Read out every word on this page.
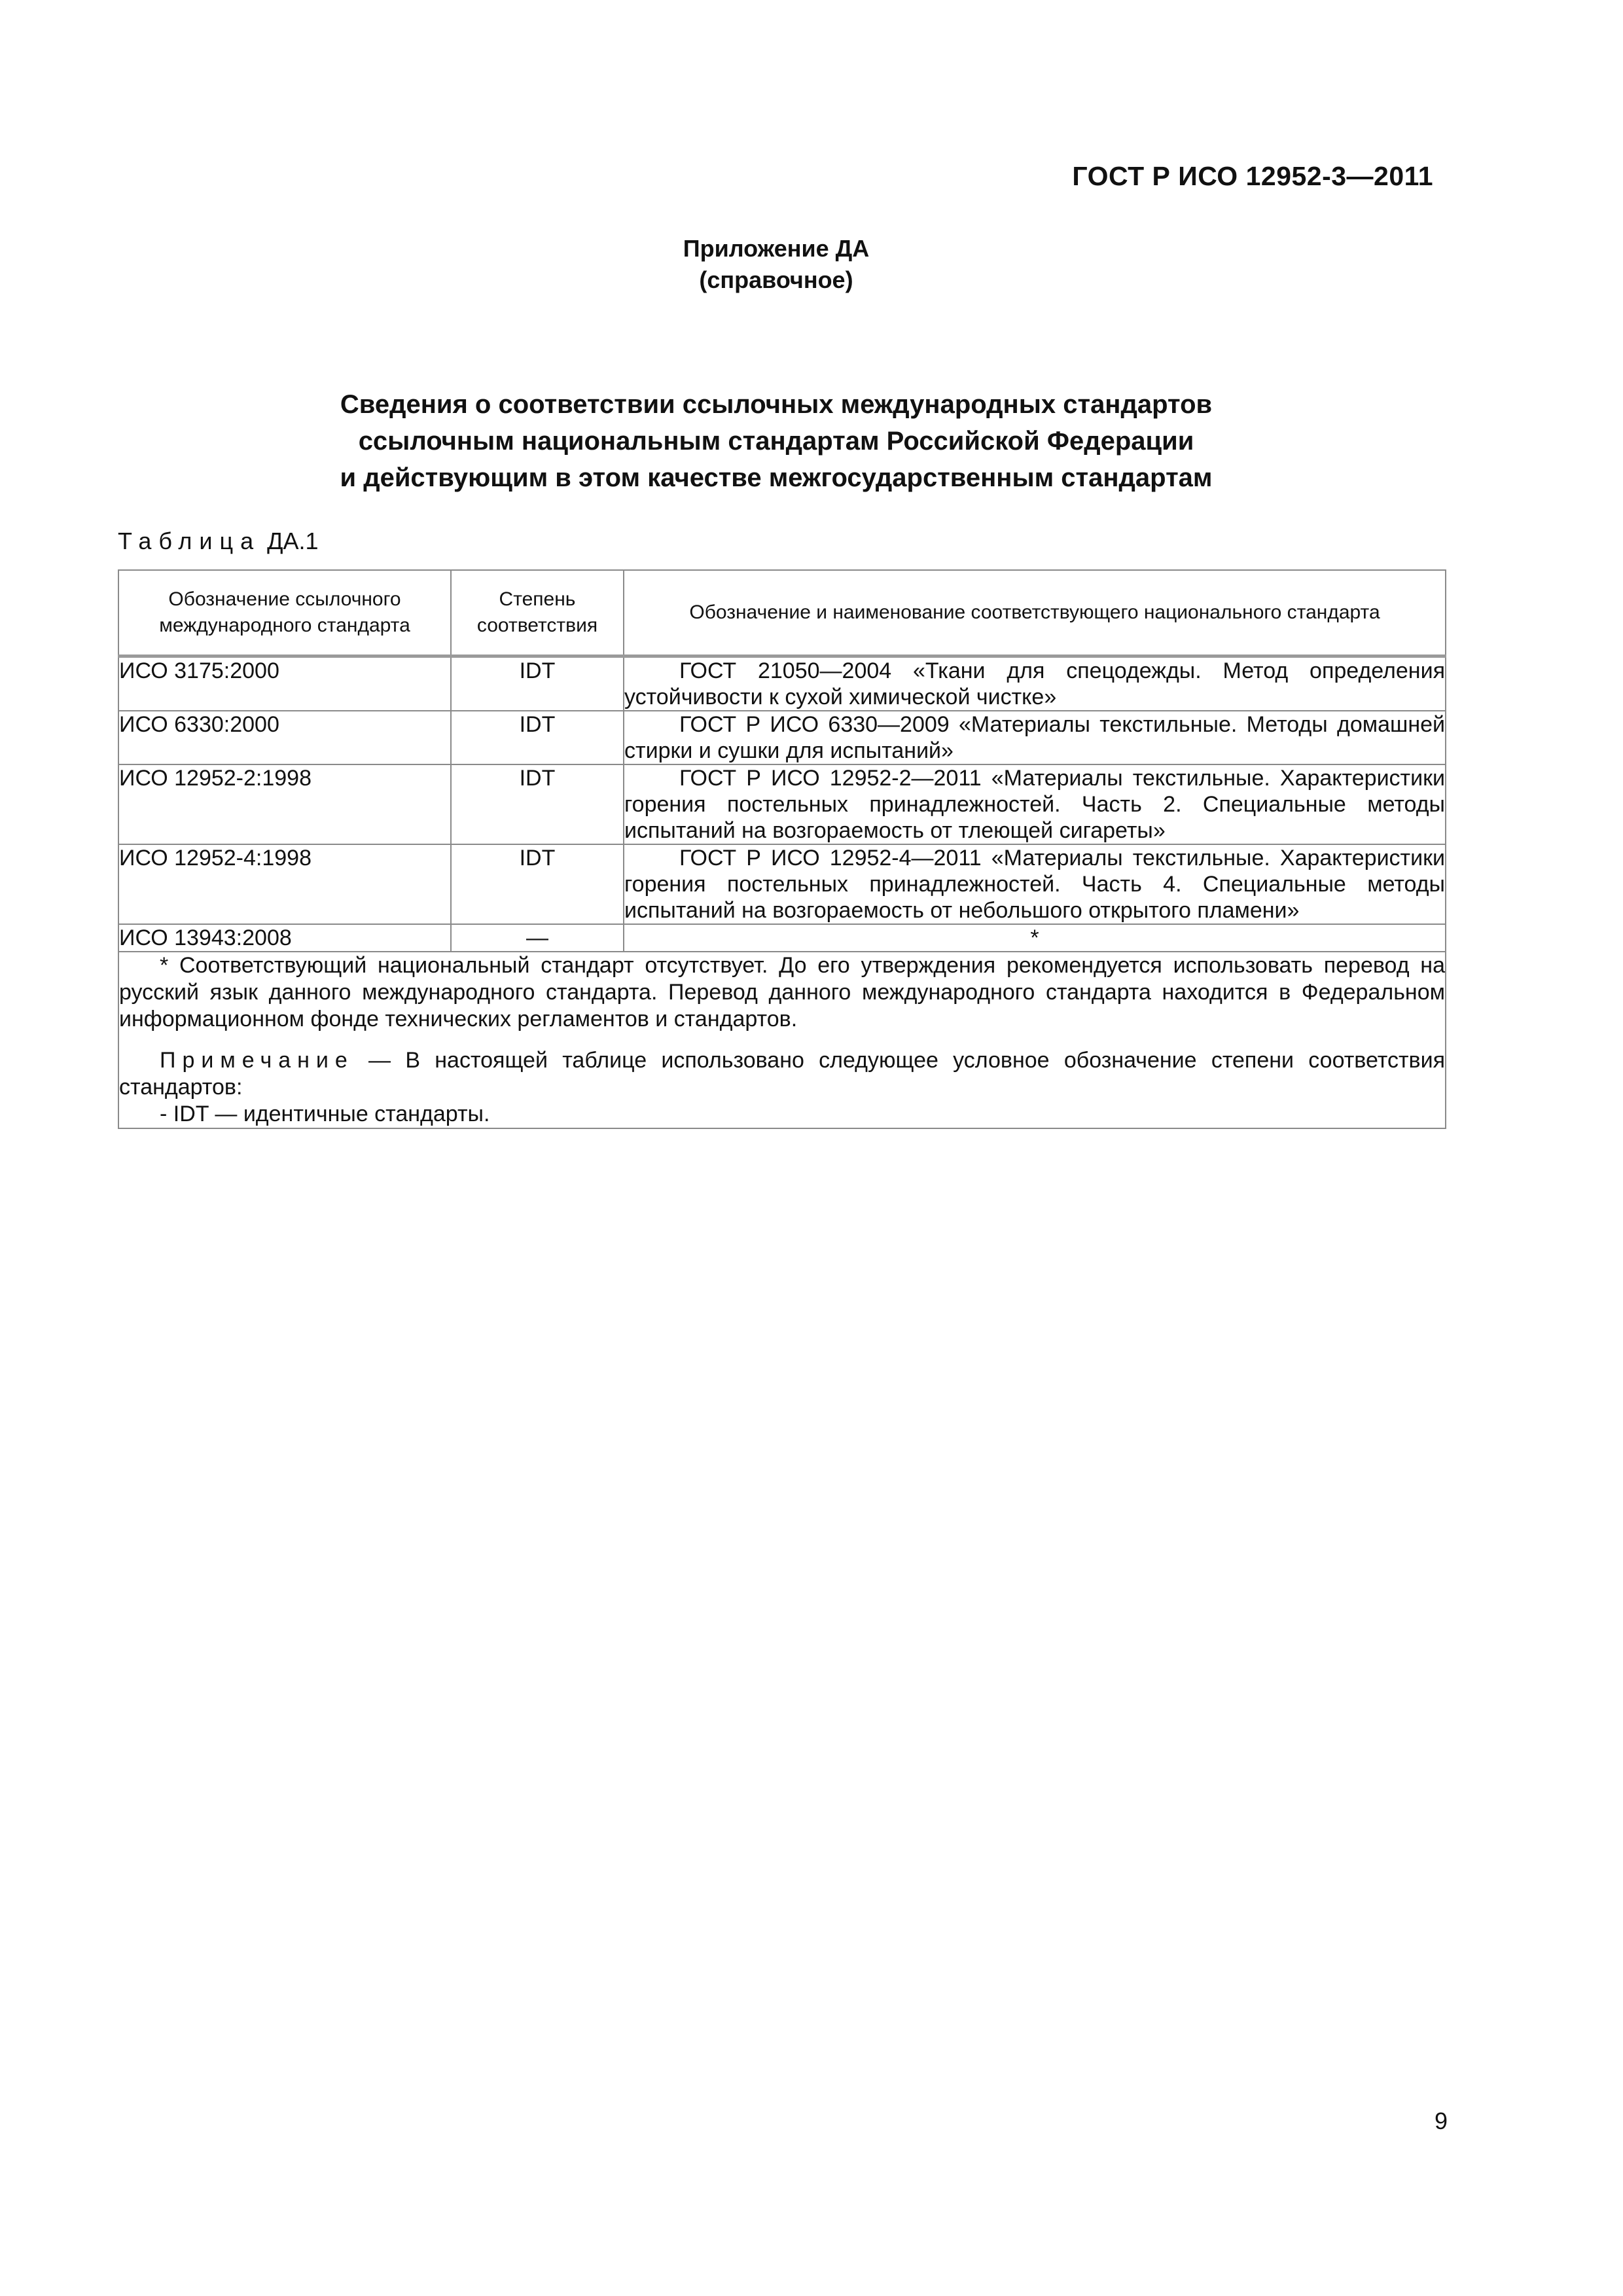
ГОСТ Р ИСО 12952-3—2011
Приложение ДА
(справочное)
Сведения о соответствии ссылочных международных стандартов
ссылочным национальным стандартам Российской Федерации
и действующим в этом качестве межгосударственным стандартам
Таблица ДА.1
Обозначение ссылочного международного стандарта	Степень соответствия	Обозначение и наименование соответствующего национального стандарта
ИСО 3175:2000	IDT	ГОСТ 21050—2004 «Ткани для спецодежды. Метод определения устойчивости к сухой химической чистке»
ИСО 6330:2000	IDT	ГОСТ Р ИСО 6330—2009 «Материалы текстильные. Методы домашней стирки и сушки для испытаний»
ИСО 12952-2:1998	IDT	ГОСТ Р ИСО 12952-2—2011 «Материалы текстильные. Характеристики горения постельных принадлежностей. Часть 2. Специальные методы испытаний на возгораемость от тлеющей сигареты»
ИСО 12952-4:1998	IDT	ГОСТ Р ИСО 12952-4—2011 «Материалы текстильные. Характеристики горения постельных принадлежностей. Часть 4. Специальные методы испытаний на возгораемость от небольшого открытого пламени»
ИСО 13943:2008	—	*

* Соответствующий национальный стандарт отсутствует. До его утверждения рекомендуется использовать перевод на русский язык данного международного стандарта. Перевод данного международного стандарта находится в Федеральном информационном фонде технических регламентов и стандартов.

Примечание — В настоящей таблице использовано следующее условное обозначение степени соответствия стандартов:

- IDT — идентичные стандарты.		

9
